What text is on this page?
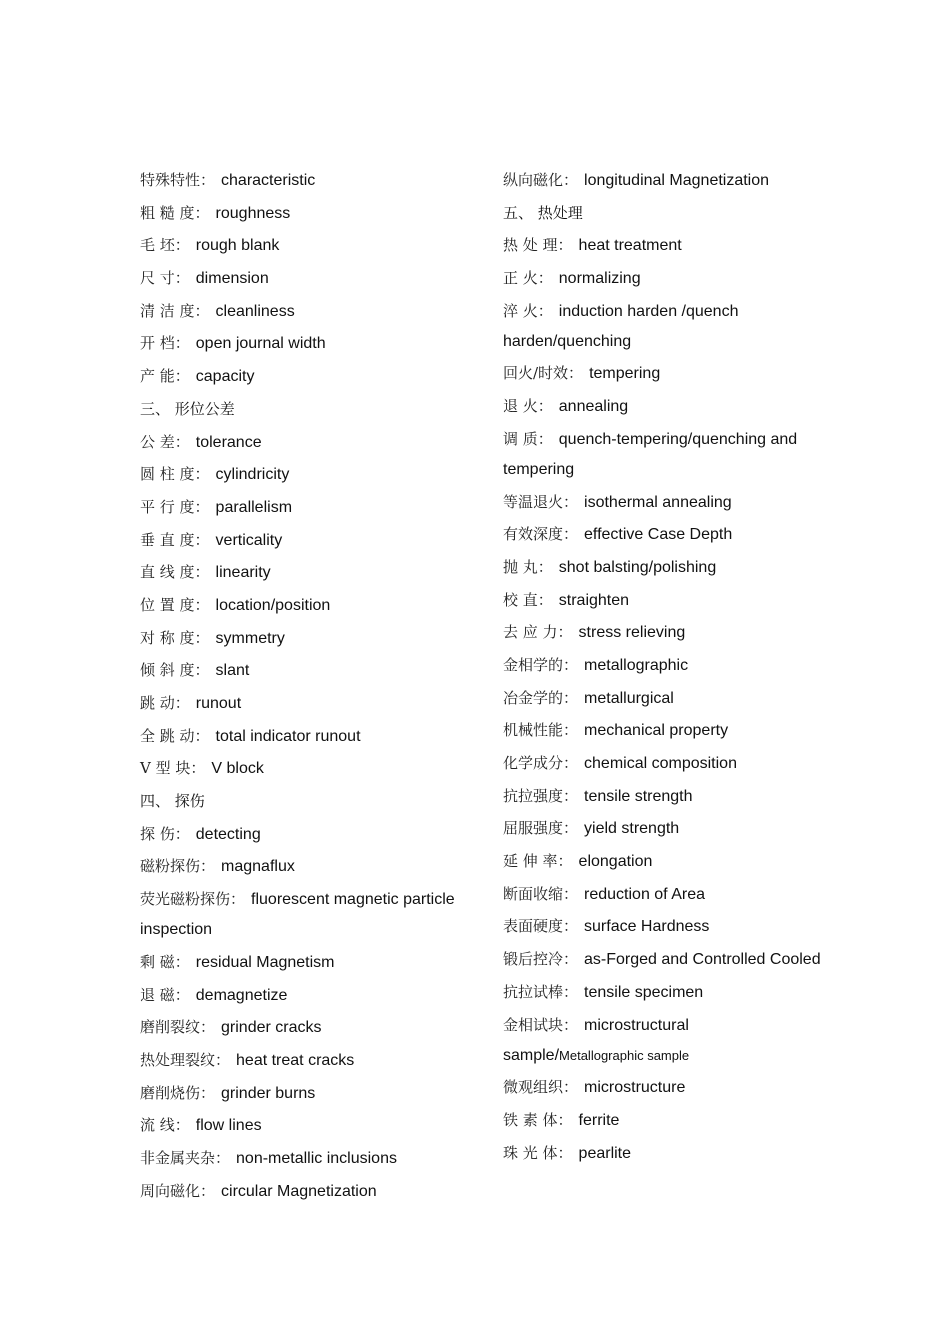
特殊特性： characteristic
粗 糙 度： roughness
毛 坯： rough blank
尺 寸： dimension
清 洁 度： cleanliness
开 档： open journal width
产 能： capacity
三、 形位公差
公 差： tolerance
圆 柱 度： cylindricity
平 行 度： parallelism
垂 直 度： verticality
直 线 度： linearity
位 置 度： location/position
对 称 度： symmetry
倾 斜 度： slant
跳 动： runout
全 跳 动： total indicator runout
V 型 块： V block
四、 探伤
探 伤： detecting
磁粉探伤： magnaflux
荧光磁粉探伤： fluorescent magnetic particle inspection
剩 磁： residual Magnetism
退 磁： demagnetize
磨削裂纹： grinder cracks
热处理裂纹： heat treat cracks
磨削烧伤： grinder burns
流 线： flow lines
非金属夹杂： non-metallic inclusions
周向磁化： circular Magnetization
纵向磁化： longitudinal Magnetization
五、 热处理
热 处 理： heat treatment
正 火： normalizing
淬 火： induction harden /quench harden/quenching
回火/时效： tempering
退 火： annealing
调 质： quench-tempering/quenching and tempering
等温退火： isothermal annealing
有效深度： effective Case Depth
抛 丸： shot balsting/polishing
校 直： straighten
去 应 力： stress relieving
金相学的： metallographic
冶金学的： metallurgical
机械性能： mechanical property
化学成分： chemical composition
抗拉强度： tensile strength
屈服强度： yield strength
延 伸 率： elongation
断面收缩： reduction of Area
表面硬度： surface Hardness
锻后控冷： as-Forged and Controlled Cooled
抗拉试棒： tensile specimen
金相试块： microstructural sample/Metallographic sample
微观组织： microstructure
铁 素 体： ferrite
珠 光 体： pearlite
